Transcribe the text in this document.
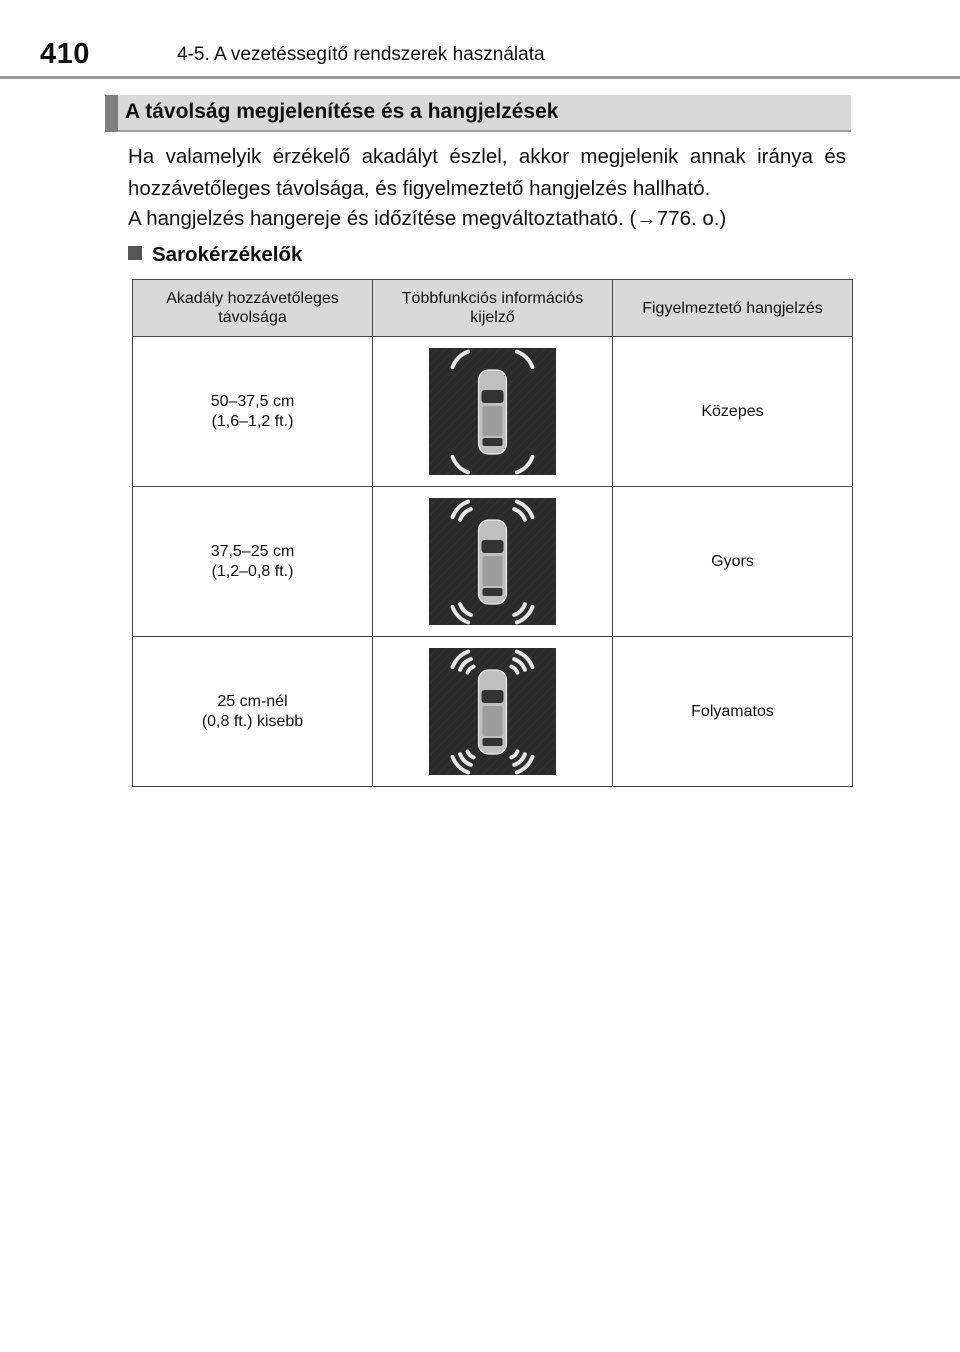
410	4-5. A vezetéssegítő rendszerek használata
A távolság megjelenítése és a hangjelzések
Ha valamelyik érzékelő akadályt észlel, akkor megjelenik annak iránya és hozzávetőleges távolsága, és figyelmeztető hangjelzés hallható.
A hangjelzés hangereje és időzítése megváltoztatható. (→776. o.)
Sarokérzékelők
Akadály hozzávetőleges távolsága	Többfunkciós információs kijelző	Figyelmeztető hangjelzés

50–37,5 cm
(1,6–1,2 ft.)		Közepes

37,5–25 cm
(1,2–0,8 ft.)		Gyors

25 cm-nél
(0,8 ft.) kisebb		Folyamatos
